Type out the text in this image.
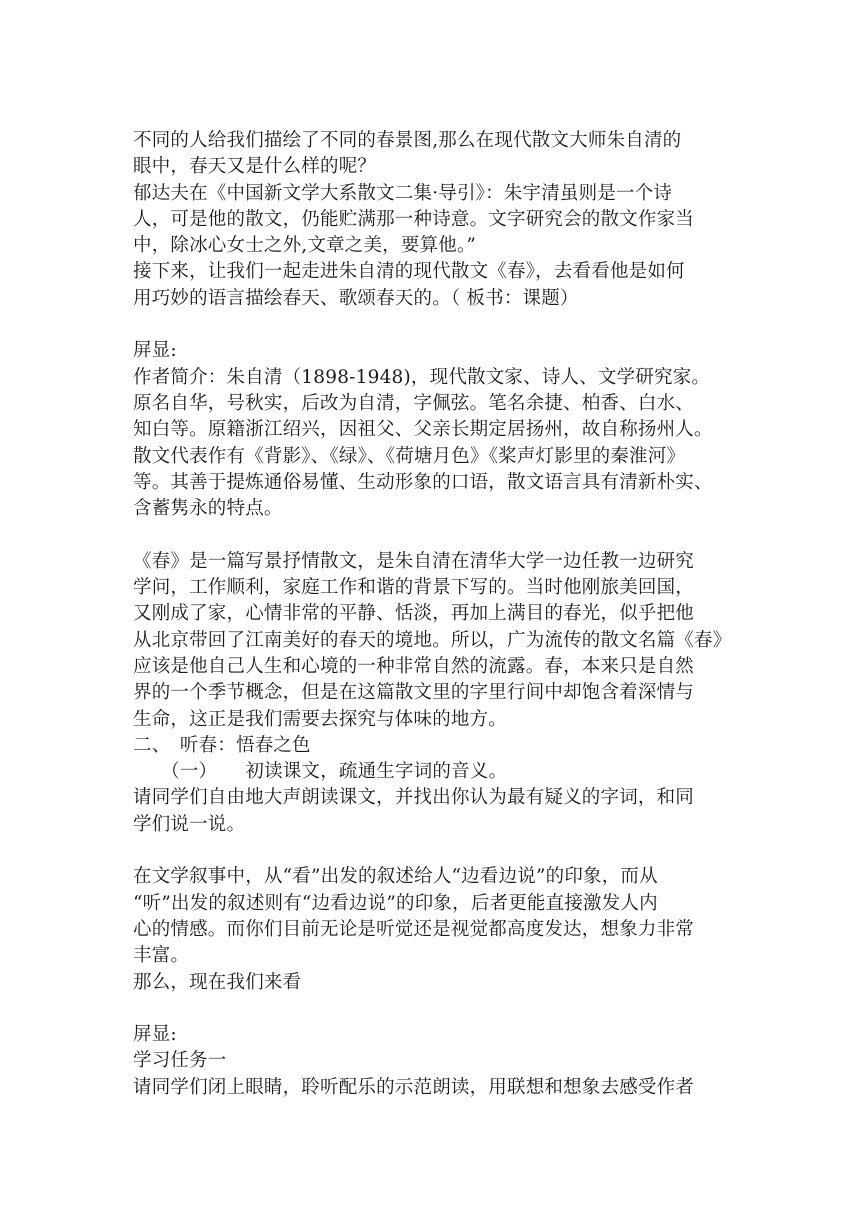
不同的人给我们描绘了不同的春景图,那么在现代散文大师朱自清的
眼中，春天又是什么样的呢？
郁达夫在《中国新文学大系散文二集·导引》：朱宇清虽则是一个诗
人，可是他的散文，仍能贮满那一种诗意。文字研究会的散文作家当
中，除冰心女士之外,文章之美，要算他。”
接下来，让我们一起走进朱自清的现代散文《春》，去看看他是如何
用巧妙的语言描绘春天、歌颂春天的。（ 板书：课题）
屏显:
作者简介：朱自清（1898-1948)，现代散文家、诗人、文学研究家。
原名自华，号秋实，后改为自清，字佩弦。笔名余捷、柏香、白水、
知白等。原籍浙江绍兴，因祖父、父亲长期定居扬州，故自称扬州人。
散文代表作有《背影》、《绿》、《荷塘月色》《桨声灯影里的秦淮河》
等。其善于提炼通俗易懂、生动形象的口语，散文语言具有清新朴实、
含蓄隽永的特点。
《春》是一篇写景抒情散文，是朱自清在清华大学一边任教一边研究
学问，工作顺利，家庭工作和谐的背景下写的。当时他刚旅美回国，
又刚成了家，心情非常的平静、恬淡，再加上满目的春光，似乎把他
从北京带回了江南美好的春天的境地。所以，广为流传的散文名篇《春》
应该是他自己人生和心境的一种非常自然的流露。春，本来只是自然
界的一个季节概念，但是在这篇散文里的字里行间中却饱含着深情与
生命，这正是我们需要去探究与体味的地方。
二、　听春：悟春之色
　　（一）　　初读课文，疏通生字词的音义。
请同学们自由地大声朗读课文，并找出你认为最有疑义的字词，和同
学们说一说。
在文学叙事中，从“看”出发的叙述给人“边看边说”的印象，而从
“听”出发的叙述则有“边看边说”的印象，后者更能直接激发人内
心的情感。而你们目前无论是听觉还是视觉都高度发达，想象力非常
丰富。
那么，现在我们来看
屏显:
学习任务一
请同学们闭上眼睛，聆听配乐的示范朗读，用联想和想象去感受作者
